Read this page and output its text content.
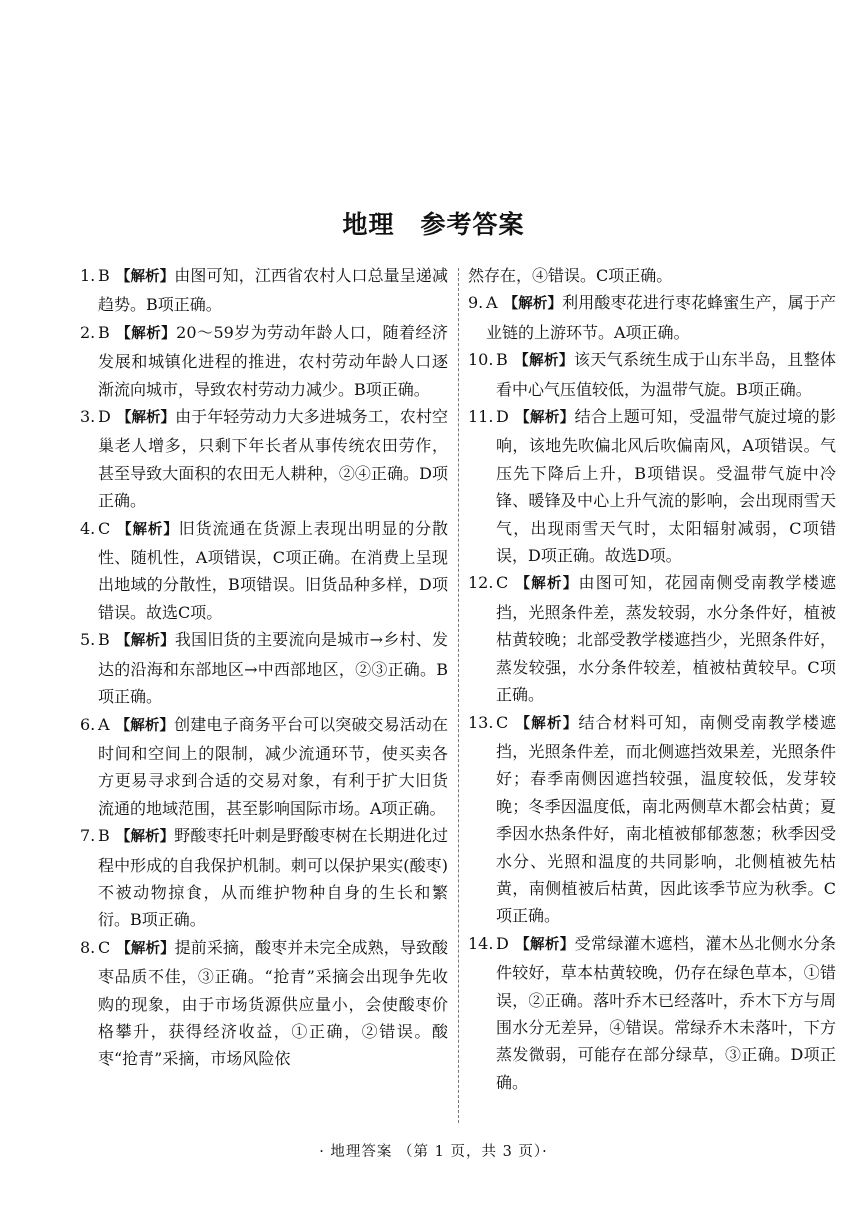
地理 参考答案

1. B 【解析】由图可知，江西省农村人口总量呈递减趋势。B项正确。

2. B 【解析】20～59岁为劳动年龄人口，随着经济发展和城镇化进程的推进，农村劳动年龄人口逐渐流向城市，导致农村劳动力减少。B项正确。

3. D 【解析】由于年轻劳动力大多进城务工，农村空巢老人增多，只剩下年长者从事传统农田劳作，甚至导致大面积的农田无人耕种，②④正确。D项正确。

4. C 【解析】旧货流通在货源上表现出明显的分散性、随机性，A项错误，C项正确。在消费上呈现出地域的分散性，B项错误。旧货品种多样，D项错误。故选C项。

5. B 【解析】我国旧货的主要流向是城市→乡村、发达的沿海和东部地区→中西部地区，②③正确。B项正确。

6. A 【解析】创建电子商务平台可以突破交易活动在时间和空间上的限制，减少流通环节，使买卖各方更易寻求到合适的交易对象，有利于扩大旧货流通的地域范围，甚至影响国际市场。A项正确。

7. B 【解析】野酸枣托叶刺是野酸枣树在长期进化过程中形成的自我保护机制。刺可以保护果实(酸枣)不被动物掠食，从而维护物种自身的生长和繁衍。B项正确。

8. C 【解析】提前采摘，酸枣并未完全成熟，导致酸枣品质不佳，③正确。“抢青”采摘会出现争先收购的现象，由于市场货源供应量小，会使酸枣价格攀升，获得经济收益，①正确，②错误。酸枣“抢青”采摘，市场风险依

然存在，④错误。C项正确。

9. A 【解析】利用酸枣花进行枣花蜂蜜生产，属于产业链的上游环节。A项正确。

10. B 【解析】该天气系统生成于山东半岛，且整体看中心气压值较低，为温带气旋。B项正确。

11. D 【解析】结合上题可知，受温带气旋过境的影响，该地先吹偏北风后吹偏南风，A项错误。气压先下降后上升，B项错误。受温带气旋中冷锋、暖锋及中心上升气流的影响，会出现雨雪天气，出现雨雪天气时，太阳辐射减弱，C项错误，D项正确。故选D项。

12. C 【解析】由图可知，花园南侧受南教学楼遮挡，光照条件差，蒸发较弱，水分条件好，植被枯黄较晚；北部受教学楼遮挡少，光照条件好，蒸发较强，水分条件较差，植被枯黄较早。C项正确。

13. C 【解析】结合材料可知，南侧受南教学楼遮挡，光照条件差，而北侧遮挡效果差，光照条件好；春季南侧因遮挡较强，温度较低，发芽较晚；冬季因温度低，南北两侧草木都会枯黄；夏季因水热条件好，南北植被郁郁葱葱；秋季因受水分、光照和温度的共同影响，北侧植被先枯黄，南侧植被后枯黄，因此该季节应为秋季。C项正确。

14. D 【解析】受常绿灌木遮档，灌木丛北侧水分条件较好，草本枯黄较晚，仍存在绿色草本，①错误，②正确。落叶乔木已经落叶，乔木下方与周围水分无差异，④错误。常绿乔木未落叶，下方蒸发微弱，可能存在部分绿草，③正确。D项正确。

· 地理答案 （第 1 页，共 3 页）·
